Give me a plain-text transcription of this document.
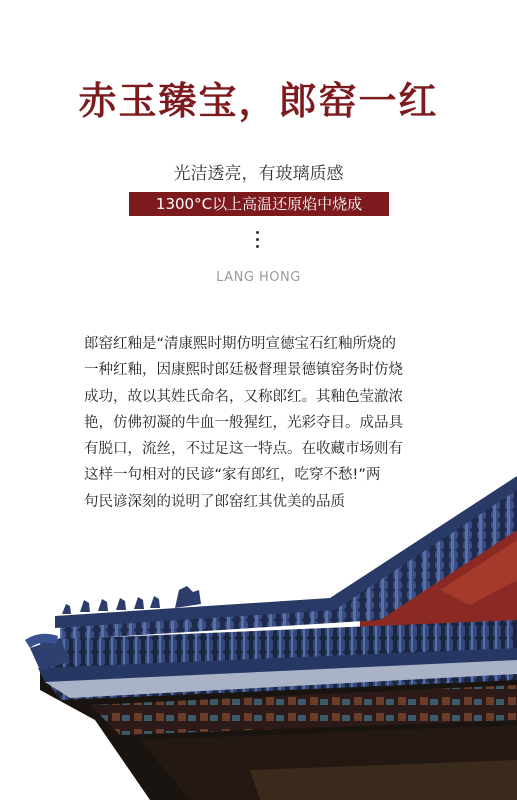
赤玉臻宝，郎窑一红
光洁透亮，有玻璃质感
1300°C以上高温还原焰中烧成
LANG HONG
郎窑红釉是“清康熙时期仿明宣德宝石红釉所烧的
一种红釉，因康熙时郎廷极督理景德镇窑务时仿烧
成功，故以其姓氏命名，又称郎红。其釉色莹澈浓
艳，仿佛初凝的牛血一般猩红，光彩夺目。成品具
有脱口，流丝，不过足这一特点。在收藏市场则有
这样一句相对的民谚“家有郎红，吃穿不愁!”两
句民谚深刻的说明了郎窑红其优美的品质
